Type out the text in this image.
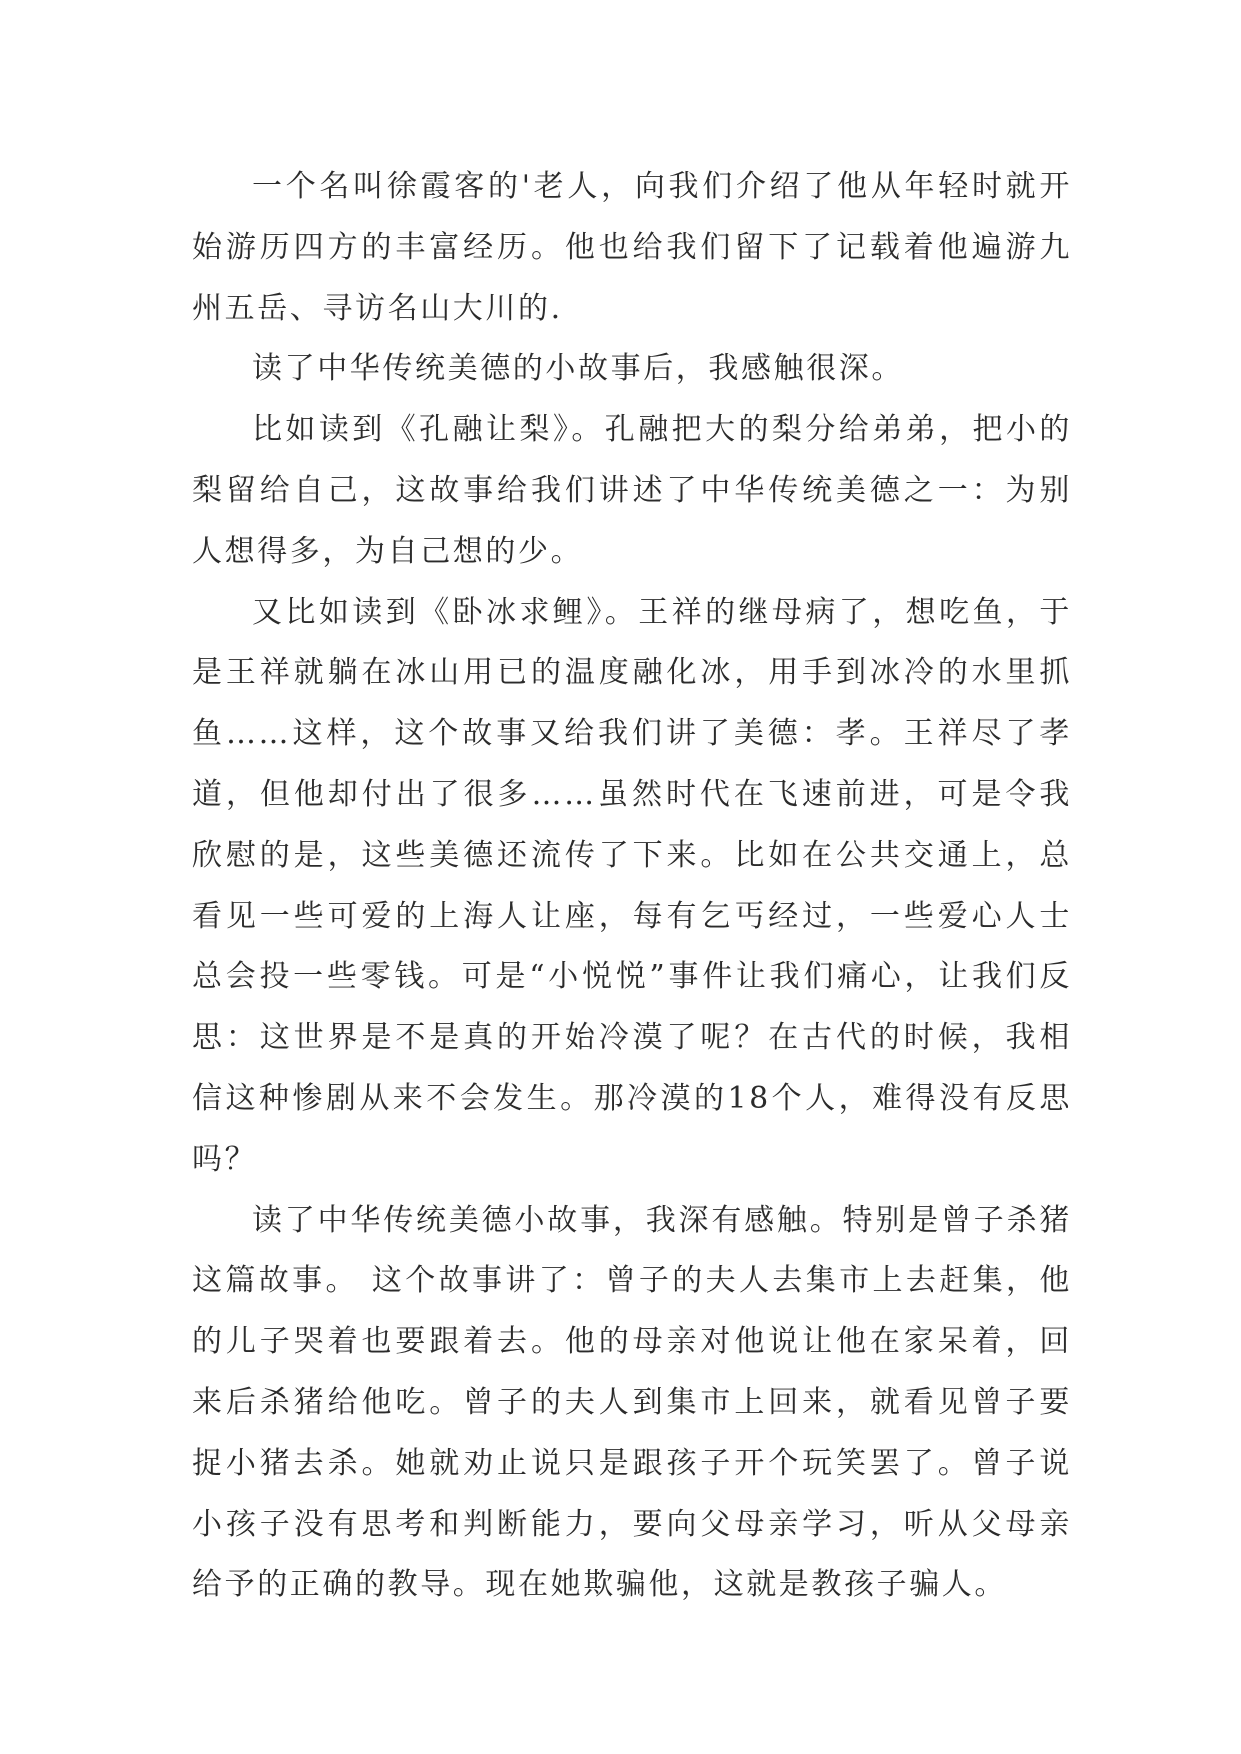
一个名叫徐霞客的'老人，向我们介绍了他从年轻时就开始游历四方的丰富经历。他也给我们留下了记载着他遍游九州五岳、寻访名山大川的.

读了中华传统美德的小故事后，我感触很深。

比如读到《孔融让梨》。孔融把大的梨分给弟弟，把小的梨留给自己，这故事给我们讲述了中华传统美德之一：为别人想得多，为自己想的少。

又比如读到《卧冰求鲤》。王祥的继母病了，想吃鱼，于是王祥就躺在冰山用已的温度融化冰，用手到冰冷的水里抓鱼……这样，这个故事又给我们讲了美德：孝。王祥尽了孝道，但他却付出了很多……虽然时代在飞速前进，可是令我欣慰的是，这些美德还流传了下来。比如在公共交通上，总看见一些可爱的上海人让座，每有乞丐经过，一些爱心人士总会投一些零钱。可是“小悦悦”事件让我们痛心，让我们反思：这世界是不是真的开始冷漠了呢？在古代的时候，我相信这种惨剧从来不会发生。那冷漠的18个人，难得没有反思吗？

读了中华传统美德小故事，我深有感触。特别是曾子杀猪这篇故事。 这个故事讲了：曾子的夫人去集市上去赶集，他的儿子哭着也要跟着去。他的母亲对他说让他在家呆着，回来后杀猪给他吃。曾子的夫人到集市上回来，就看见曾子要捉小猪去杀。她就劝止说只是跟孩子开个玩笑罢了。曾子说小孩子没有思考和判断能力，要向父母亲学习，听从父母亲给予的正确的教导。现在她欺骗他，这就是教孩子骗人。
